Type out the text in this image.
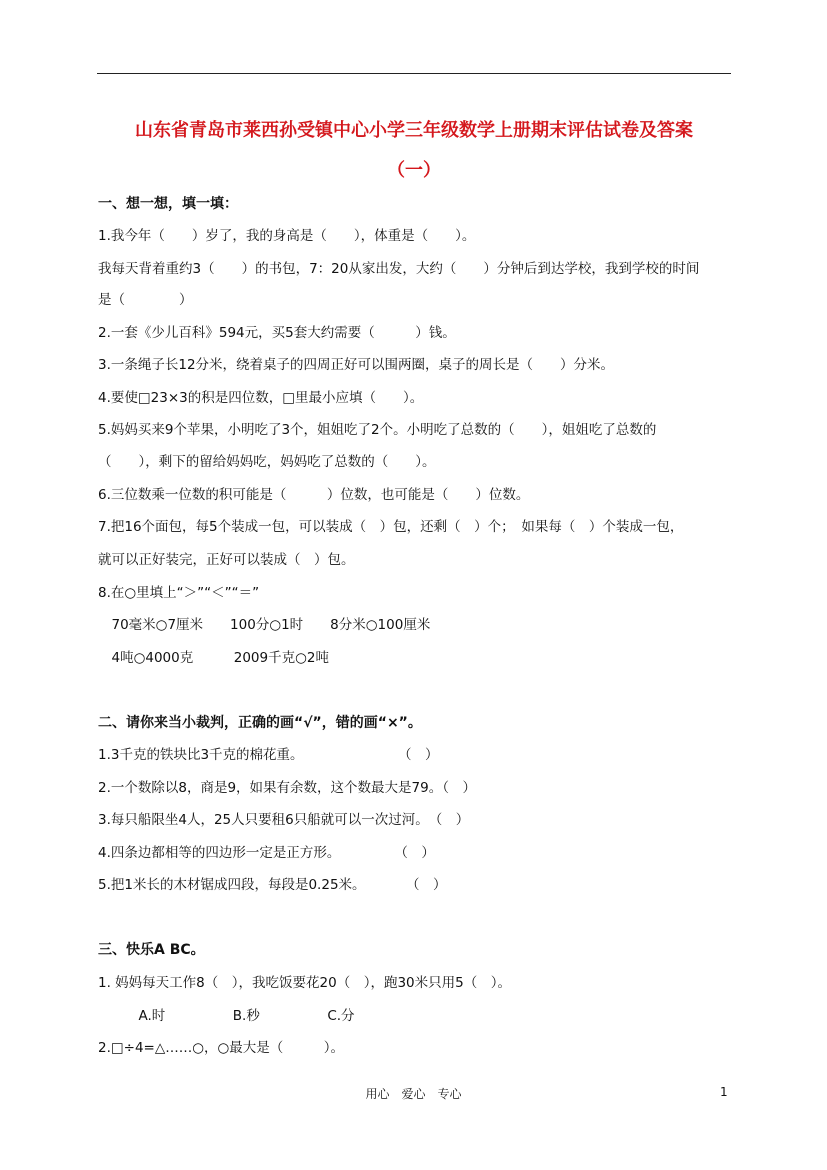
山东省青岛市莱西孙受镇中心小学三年级数学上册期末评估试卷及答案
（一）
一、想一想，填一填：
1.我今年（　　）岁了，我的身高是（　　），体重是（　　）。
我每天背着重约3（　　）的书包，7：20从家出发，大约（　　）分钟后到达学校，我到学校的时间
是（　　　　）
2.一套《少儿百科》594元，买5套大约需要（　　　）钱。
3.一条绳子长12分米，绕着桌子的四周正好可以围两圈，桌子的周长是（　　）分米。
4.要使□23×3的积是四位数，□里最小应填（　　）。
5.妈妈买来9个苹果，小明吃了3个，姐姐吃了2个。小明吃了总数的（　　），姐姐吃了总数的
（　　），剩下的留给妈妈吃，妈妈吃了总数的（　　）。
6.三位数乘一位数的积可能是（　　　）位数，也可能是（　　）位数。
7.把16个面包，每5个装成一包，可以装成（　）包，还剩（　）个；　如果每（　）个装成一包，
就可以正好装完，正好可以装成（　）包。
8.在○里填上“＞”“＜”“＝”
　70毫米○7厘米　　100分○1时　　8分米○100厘米
　4吨○4000克　　　2009千克○2吨
二、请你来当小裁判，正确的画“√”，错的画“×”。
1.3千克的铁块比3千克的棉花重。　　　　　　　　（　）
2.一个数除以8，商是9，如果有余数，这个数最大是79。（　）
3.每只船限坐4人，25人只要租6只船就可以一次过河。　（　）
4.四条边都相等的四边形一定是正方形。　　　　　（　）
5.把1米长的木材锯成四段，每段是0.25米。　　　　（　）
三、快乐A BC。
1. 妈妈每天工作8（　），我吃饭要花20（　），跑30米只用5（　）。
　　　A.时　　　　　B.秒　　　　　C.分
2.□÷4=△……○，○最大是（　　　）。
用心　爱心　专心	1
